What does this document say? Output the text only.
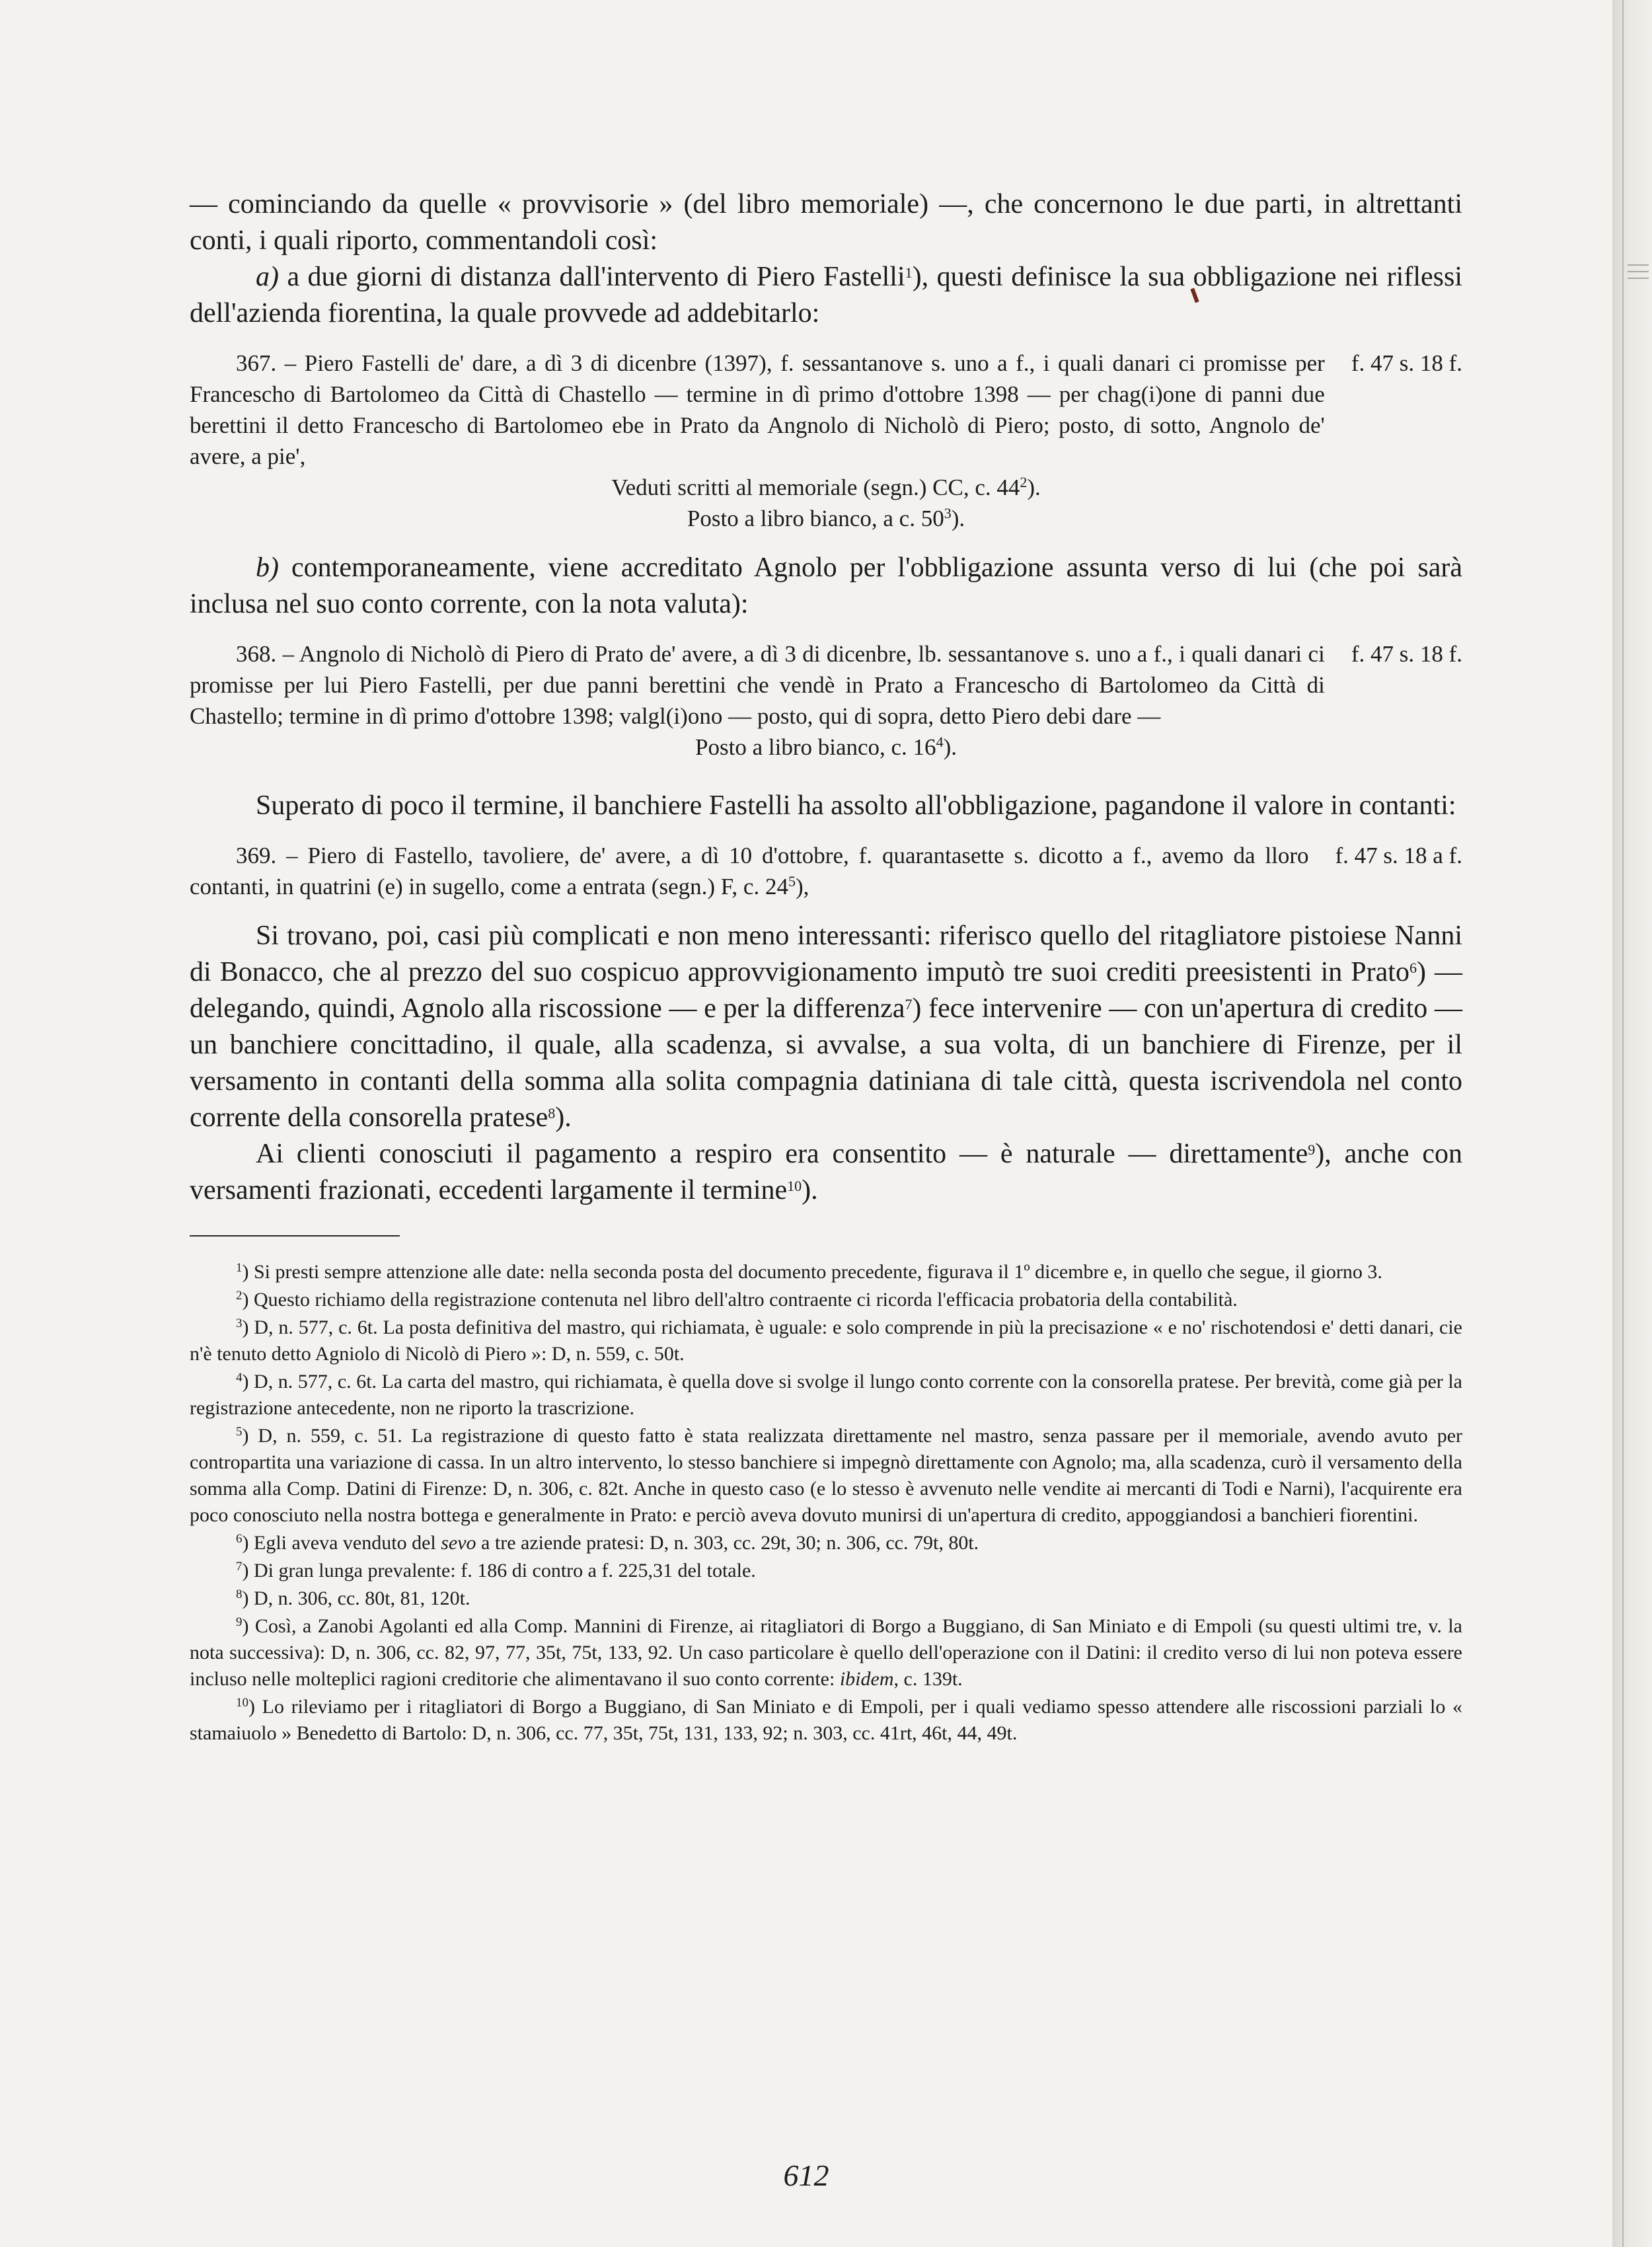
— cominciando da quelle « provvisorie » (del libro memoriale) —, che concernono le due parti, in altrettanti conti, i quali riporto, commentandoli così:

a) a due giorni di distanza dall'intervento di Piero Fastelli$^1$), questi definisce la sua obbligazione nei riflessi dell'azienda fiorentina, la quale provvede ad addebitarlo:

367. – Piero Fastelli de' dare, a dì 3 di dicenbre (1397), f. sessantanove s. uno a f., i quali danari ci promisse per Francescho di Bartolomeo da Città di Chastello — termine in dì primo d'ottobre 1398 — per chag(i)one di panni due berettini il detto Francescho di Bartolomeo ebe in Prato da Angnolo di Nicholò di Piero; posto, di sotto, Angnolo de' avere, a pie',
f. 47 s. 18 f.

Veduti scritti al memoriale (segn.) CC, c. $44^2$).

Posto a libro bianco, a c. $50^3$).

b) contemporaneamente, viene accreditato Agnolo per l'obbligazione assunta verso di lui (che poi sarà inclusa nel suo conto corrente, con la nota valuta):

368. – Angnolo di Nicholò di Piero di Prato de' avere, a dì 3 di dicenbre, lb. sessantanove s. uno a f., i quali danari ci promisse per lui Piero Fastelli, per due panni berettini che vendè in Prato a Francescho di Bartolomeo da Città di Chastello; termine in dì primo d'ottobre 1398; valgl(i)ono — posto, qui di sopra, detto Piero debi dare —
f. 47 s. 18 f.

Posto a libro bianco, c. $16^4$).

Superato di poco il termine, il banchiere Fastelli ha assolto all'obbligazione, pagandone il valore in contanti:

369. – Piero di Fastello, tavoliere, de' avere, a dì 10 d'ottobre, f. quarantasette s. dicotto a f., avemo da lloro contanti, in quatrini (e) in sugello, come a entrata (segn.) F, c. $24^5$),
f. 47 s. 18 a f.

Si trovano, poi, casi più complicati e non meno interessanti: riferisco quello del ritagliatore pistoiese Nanni di Bonacco, che al prezzo del suo cospicuo approvvigionamento imputò tre suoi crediti preesistenti in Prato$^6$) — delegando, quindi, Agnolo alla riscossione — e per la differenza$^7$) fece intervenire — con un'apertura di credito — un banchiere concittadino, il quale, alla scadenza, si avvalse, a sua volta, di un banchiere di Firenze, per il versamento in contanti della somma alla solita compagnia datiniana di tale città, questa iscrivendola nel conto corrente della consorella pratese$^8$).

Ai clienti conosciuti il pagamento a respiro era consentito — è naturale — direttamente$^9$), anche con versamenti frazionati, eccedenti largamente il termine$^{10}$).

$^1$) Si presti sempre attenzione alle date: nella seconda posta del documento precedente, figurava il 1º dicembre e, in quello che segue, il giorno 3.

$^2$) Questo richiamo della registrazione contenuta nel libro dell'altro contraente ci ricorda l'efficacia probatoria della contabilità.

$^3$) D, n. 577, c. 6t. La posta definitiva del mastro, qui richiamata, è uguale: e solo comprende in più la precisazione « e no' rischotendosi e' detti danari, cie n'è tenuto detto Agniolo di Nicolò di Piero »: D, n. 559, c. 50t.

$^4$) D, n. 577, c. 6t. La carta del mastro, qui richiamata, è quella dove si svolge il lungo conto corrente con la consorella pratese. Per brevità, come già per la registrazione antecedente, non ne riporto la trascrizione.

$^5$) D, n. 559, c. 51. La registrazione di questo fatto è stata realizzata direttamente nel mastro, senza passare per il memoriale, avendo avuto per contropartita una variazione di cassa. In un altro intervento, lo stesso banchiere si impegnò direttamente con Agnolo; ma, alla scadenza, curò il versamento della somma alla Comp. Datini di Firenze: D, n. 306, c. 82t. Anche in questo caso (e lo stesso è avvenuto nelle vendite ai mercanti di Todi e Narni), l'acquirente era poco conosciuto nella nostra bottega e generalmente in Prato: e perciò aveva dovuto munirsi di un'apertura di credito, appoggiandosi a banchieri fiorentini.

$^6$) Egli aveva venduto del sevo a tre aziende pratesi: D, n. 303, cc. 29t, 30; n. 306, cc. 79t, 80t.

$^7$) Di gran lunga prevalente: f. 186 di contro a f. 225,31 del totale.

$^8$) D, n. 306, cc. 80t, 81, 120t.

$^9$) Così, a Zanobi Agolanti ed alla Comp. Mannini di Firenze, ai ritagliatori di Borgo a Buggiano, di San Miniato e di Empoli (su questi ultimi tre, v. la nota successiva): D, n. 306, cc. 82, 97, 77, 35t, 75t, 133, 92. Un caso particolare è quello dell'operazione con il Datini: il credito verso di lui non poteva essere incluso nelle molteplici ragioni creditorie che alimentavano il suo conto corrente: ibidem, c. 139t.

$^{10}$) Lo rileviamo per i ritagliatori di Borgo a Buggiano, di San Miniato e di Empoli, per i quali vediamo spesso attendere alle riscossioni parziali lo « stamaiuolo » Benedetto di Bartolo: D, n. 306, cc. 77, 35t, 75t, 131, 133, 92; n. 303, cc. 41rt, 46t, 44, 49t.

612
